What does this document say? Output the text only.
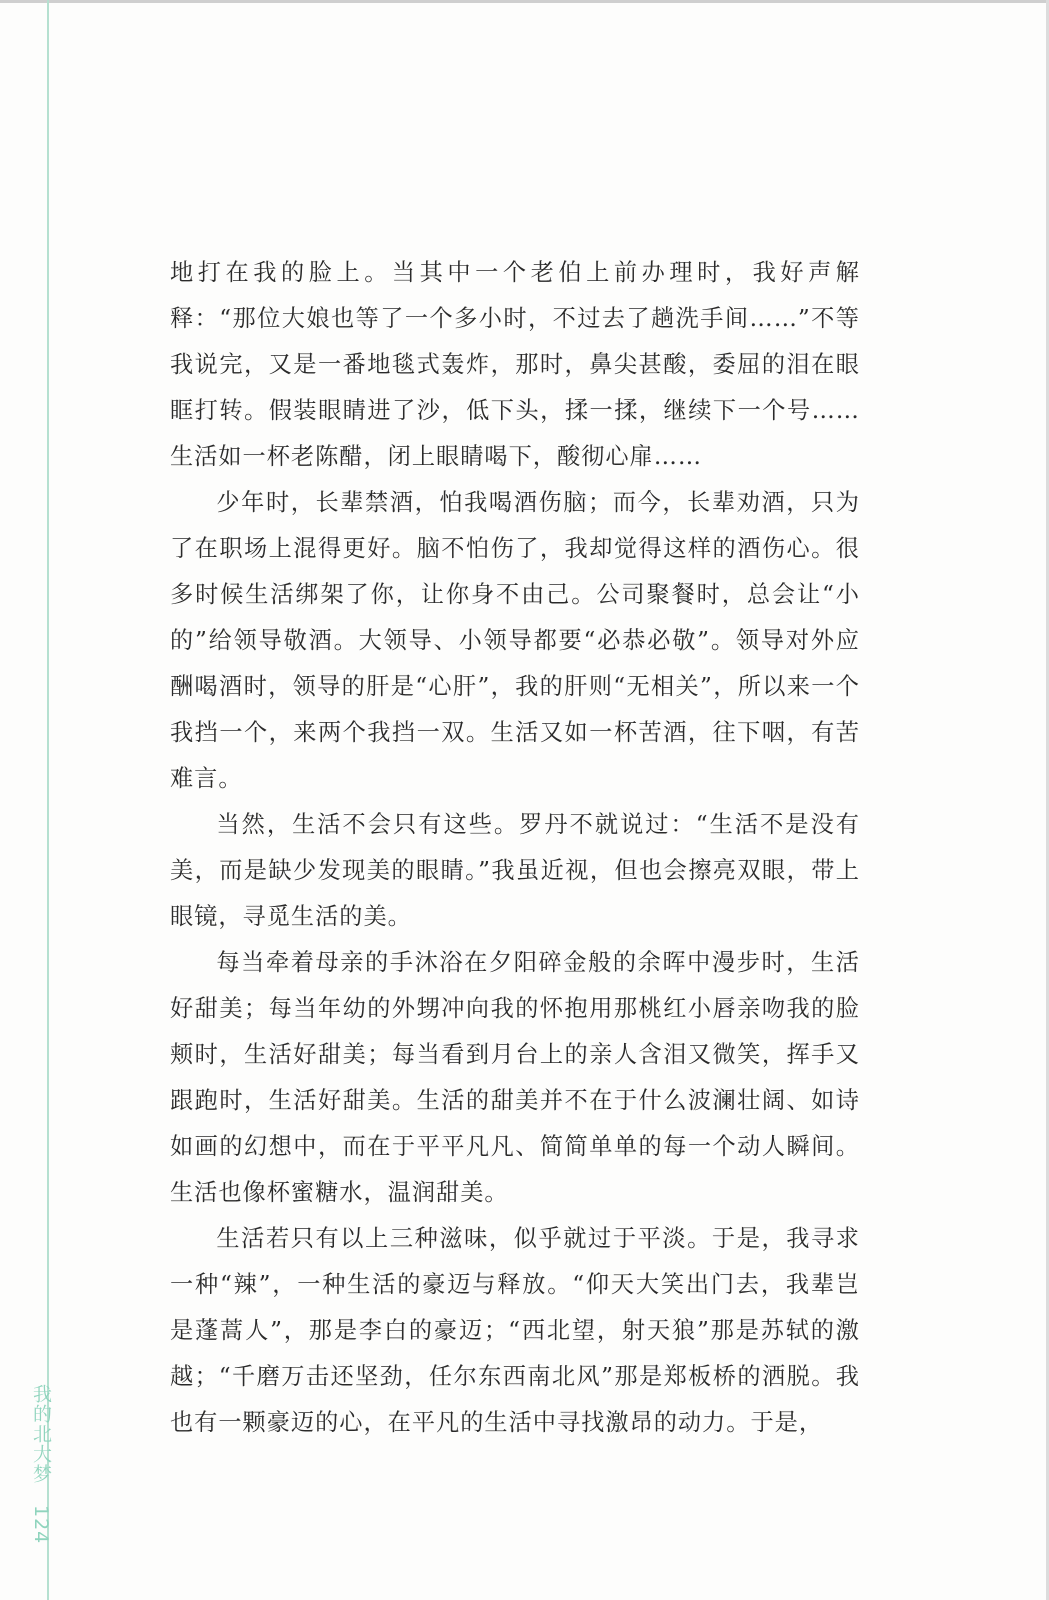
我的北大梦 124

地打在我的脸上。当其中一个老伯上前办理时，我好声解释：“那位大娘也等了一个多小时，不过去了趟洗手间……”不等我说完，又是一番地毯式轰炸，那时，鼻尖甚酸，委屈的泪在眼眶打转。假装眼睛进了沙，低下头，揉一揉，继续下一个号……生活如一杯老陈醋，闭上眼睛喝下，酸彻心扉……

少年时，长辈禁酒，怕我喝酒伤脑；而今，长辈劝酒，只为了在职场上混得更好。脑不怕伤了，我却觉得这样的酒伤心。很多时候生活绑架了你，让你身不由己。公司聚餐时，总会让“小的”给领导敬酒。大领导、小领导都要“必恭必敬”。领导对外应酬喝酒时，领导的肝是“心肝”，我的肝则“无相关”，所以来一个我挡一个，来两个我挡一双。生活又如一杯苦酒，往下咽，有苦难言。

当然，生活不会只有这些。罗丹不就说过：“生活不是没有美，而是缺少发现美的眼睛。”我虽近视，但也会擦亮双眼，带上眼镜，寻觅生活的美。

每当牵着母亲的手沐浴在夕阳碎金般的余晖中漫步时，生活好甜美；每当年幼的外甥冲向我的怀抱用那桃红小唇亲吻我的脸颊时，生活好甜美；每当看到月台上的亲人含泪又微笑，挥手又跟跑时，生活好甜美。生活的甜美并不在于什么波澜壮阔、如诗如画的幻想中，而在于平平凡凡、简简单单的每一个动人瞬间。生活也像杯蜜糖水，温润甜美。

生活若只有以上三种滋味，似乎就过于平淡。于是，我寻求一种“辣”，一种生活的豪迈与释放。“仰天大笑出门去，我辈岂是蓬蒿人”，那是李白的豪迈；“西北望，射天狼”那是苏轼的激越；“千磨万击还坚劲，任尔东西南北风”那是郑板桥的洒脱。我也有一颗豪迈的心，在平凡的生活中寻找激昂的动力。于是，
